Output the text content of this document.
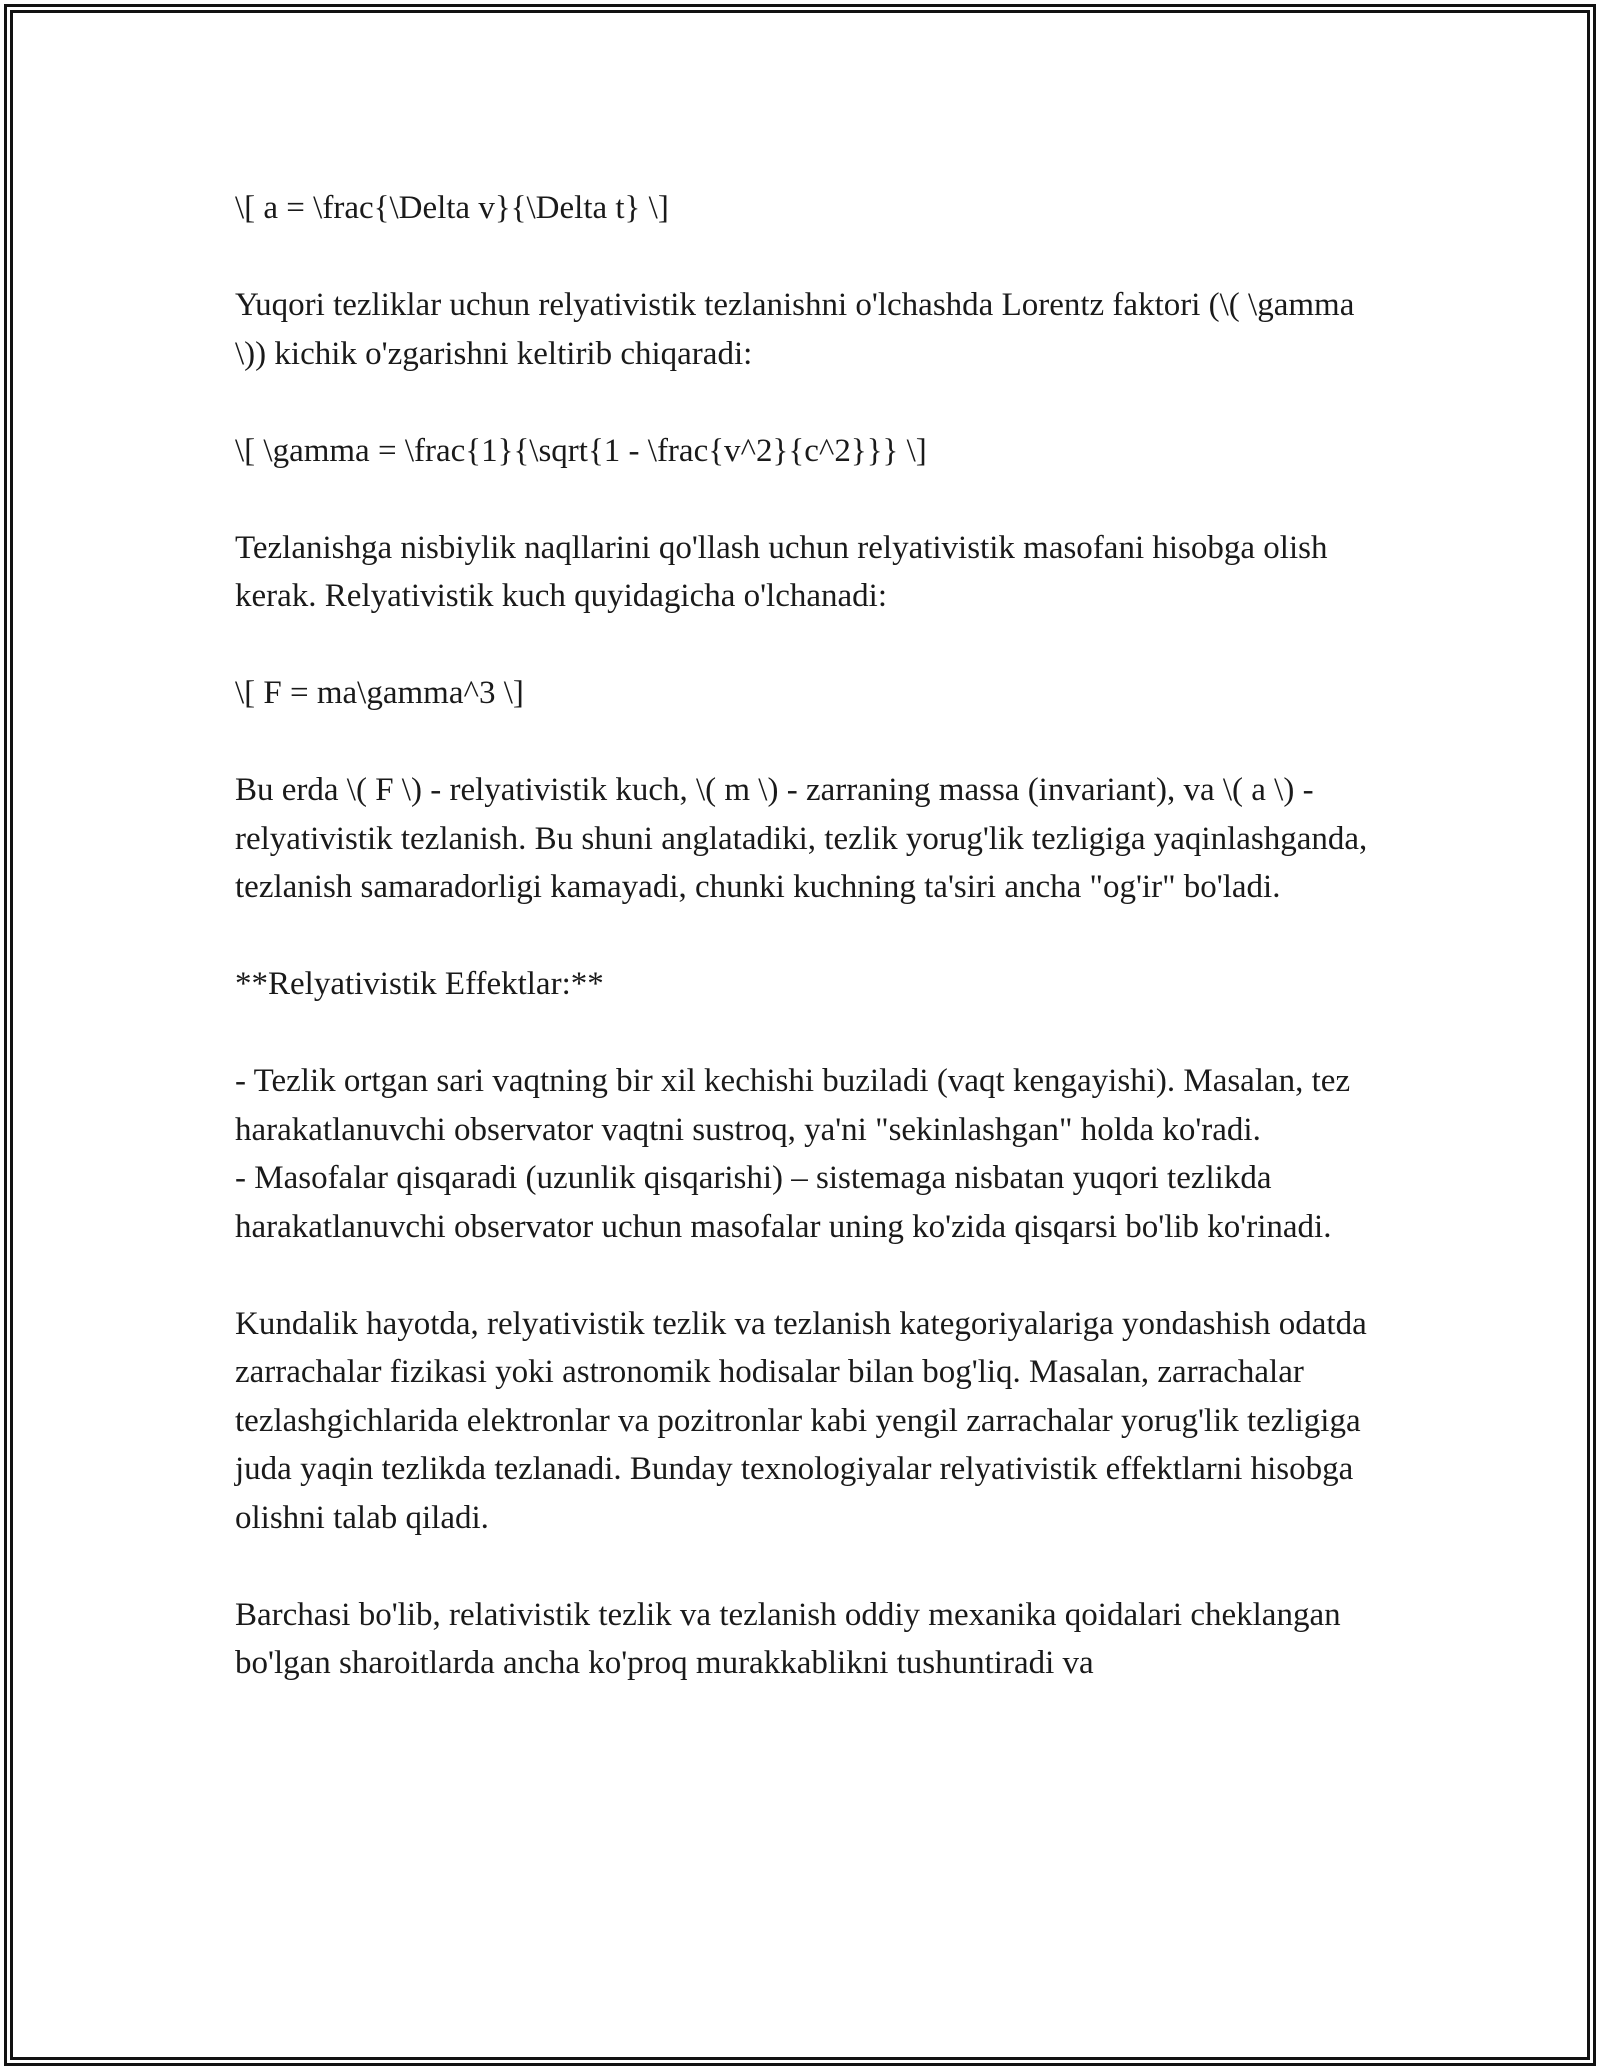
\[ a = \frac{\Delta v}{\Delta t} \]

Yuqori tezliklar uchun relyativistik tezlanishni o'lchashda Lorentz faktori (\( \gamma \)) kichik o'zgarishni keltirib chiqaradi:

\[ \gamma = \frac{1}{\sqrt{1 - \frac{v^2}{c^2}}} \]

Tezlanishga nisbiylik naqllarini qo'llash uchun relyativistik masofani hisobga olish kerak. Relyativistik kuch quyidagicha o'lchanadi:

\[ F = ma\gamma^3 \]

Bu erda \( F \) - relyativistik kuch, \( m \) - zarraning massa (invariant), va \( a \) - relyativistik tezlanish. Bu shuni anglatadiki, tezlik yorug'lik tezligiga yaqinlashganda, tezlanish samaradorligi kamayadi, chunki kuchning ta'siri ancha "og'ir" bo'ladi.

**Relyativistik Effektlar:**

- Tezlik ortgan sari vaqtning bir xil kechishi buziladi (vaqt kengayishi). Masalan, tez harakatlanuvchi observator vaqtni sustroq, ya'ni "sekinlashgan" holda ko'radi.
- Masofalar qisqaradi (uzunlik qisqarishi) – sistemaga nisbatan yuqori tezlikda harakatlanuvchi observator uchun masofalar uning ko'zida qisqarsi bo'lib ko'rinadi.

Kundalik hayotda, relyativistik tezlik va tezlanish kategoriyalariga yondashish odatda zarrachalar fizikasi yoki astronomik hodisalar bilan bog'liq. Masalan, zarrachalar tezlashgichlarida elektronlar va pozitronlar kabi yengil zarrachalar yorug'lik tezligiga juda yaqin tezlikda tezlanadi. Bunday texnologiyalar relyativistik effektlarni hisobga olishni talab qiladi.

Barchasi bo'lib, relativistik tezlik va tezlanish oddiy mexanika qoidalari cheklangan bo'lgan sharoitlarda ancha ko'proq murakkablikni tushuntiradi va
